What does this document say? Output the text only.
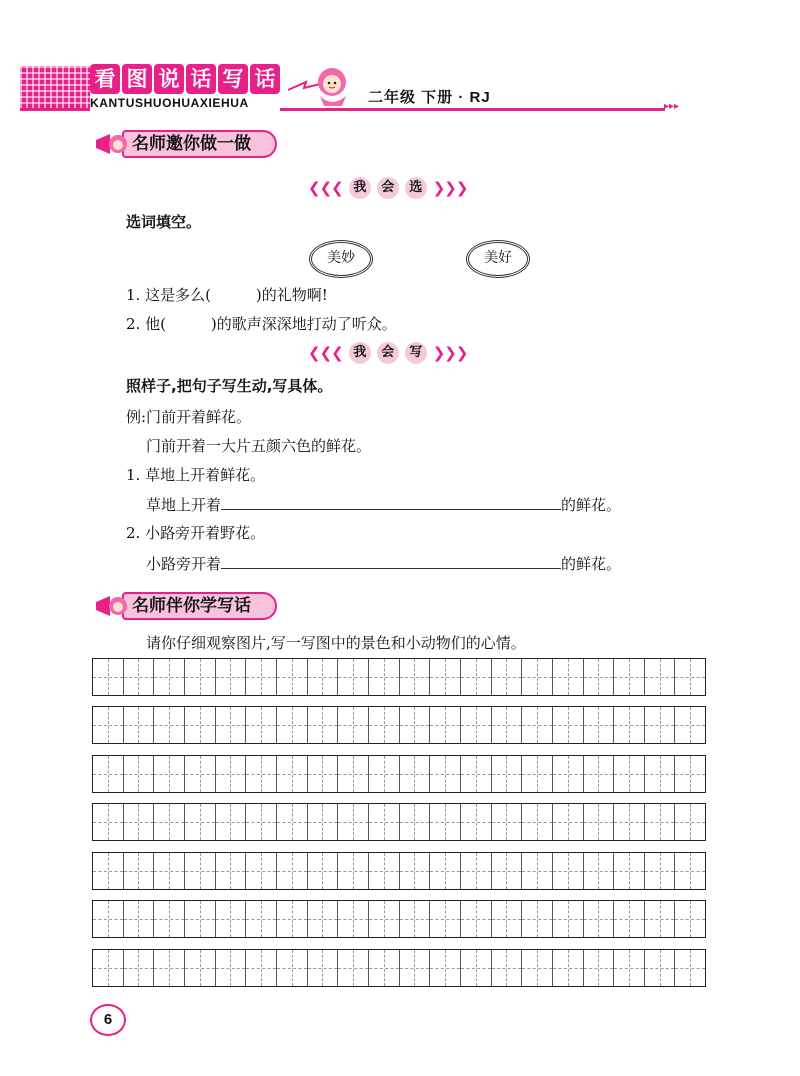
看 图 说 话 写 话
KANTUSHUOHUAXIEHUA	二年级 下册 · RJ
▸▸▸
名师邀你做一做
❮❮❮ 我	会	选 ❯❯❯
选词填空。
美妙	美好
1. 这是多么(　　　)的礼物啊!
2. 他(　　　)的歌声深深地打动了听众。
❮❮❮ 我	会	写 ❯❯❯
照样子,把句子写生动,写具体。
例:门前开着鲜花。
门前开着一大片五颜六色的鲜花。
1. 草地上开着鲜花。
草地上开着	的鲜花。
2. 小路旁开着野花。
小路旁开着	的鲜花。
名师伴你学写话
请你仔细观察图片,写一写图中的景色和小动物们的心情。
6
